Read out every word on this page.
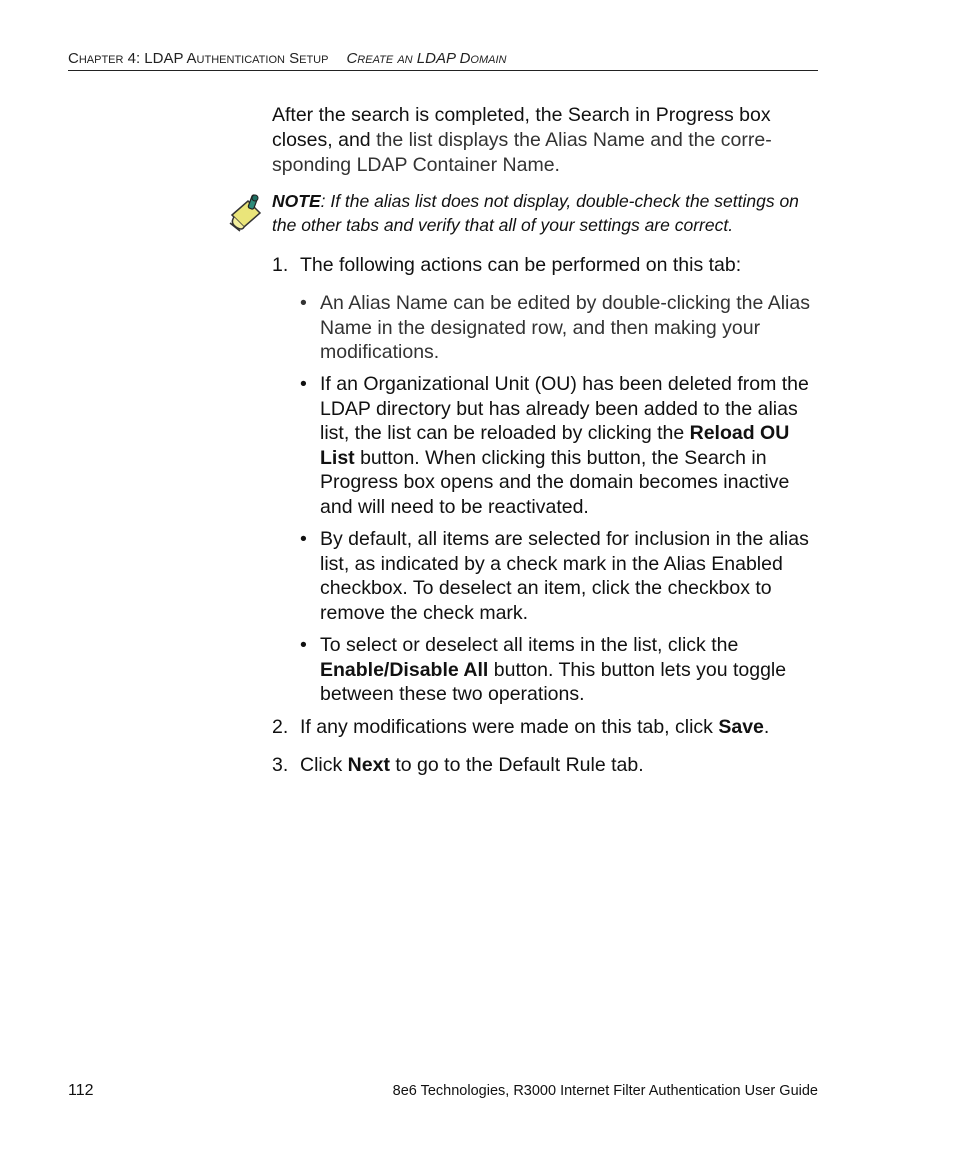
Chapter 4: LDAP Authentication Setup Create an LDAP Domain

After the search is completed, the Search in Progress box closes, and the list displays the Alias Name and the corre-sponding LDAP Container Name.

NOTE: If the alias list does not display, double-check the settings on the other tabs and verify that all of your settings are correct.

1. The following actions can be performed on this tab:

• An Alias Name can be edited by double-clicking the Alias Name in the designated row, and then making your modifications.

• If an Organizational Unit (OU) has been deleted from the LDAP directory but has already been added to the alias list, the list can be reloaded by clicking the Reload OU List button. When clicking this button, the Search in Progress box opens and the domain becomes inactive and will need to be reactivated.

• By default, all items are selected for inclusion in the alias list, as indicated by a check mark in the Alias Enabled checkbox. To deselect an item, click the checkbox to remove the check mark.

• To select or deselect all items in the list, click the Enable/Disable All button. This button lets you toggle between these two operations.

2. If any modifications were made on this tab, click Save.

3. Click Next to go to the Default Rule tab.

112	8e6 Technologies, R3000 Internet Filter Authentication User Guide
